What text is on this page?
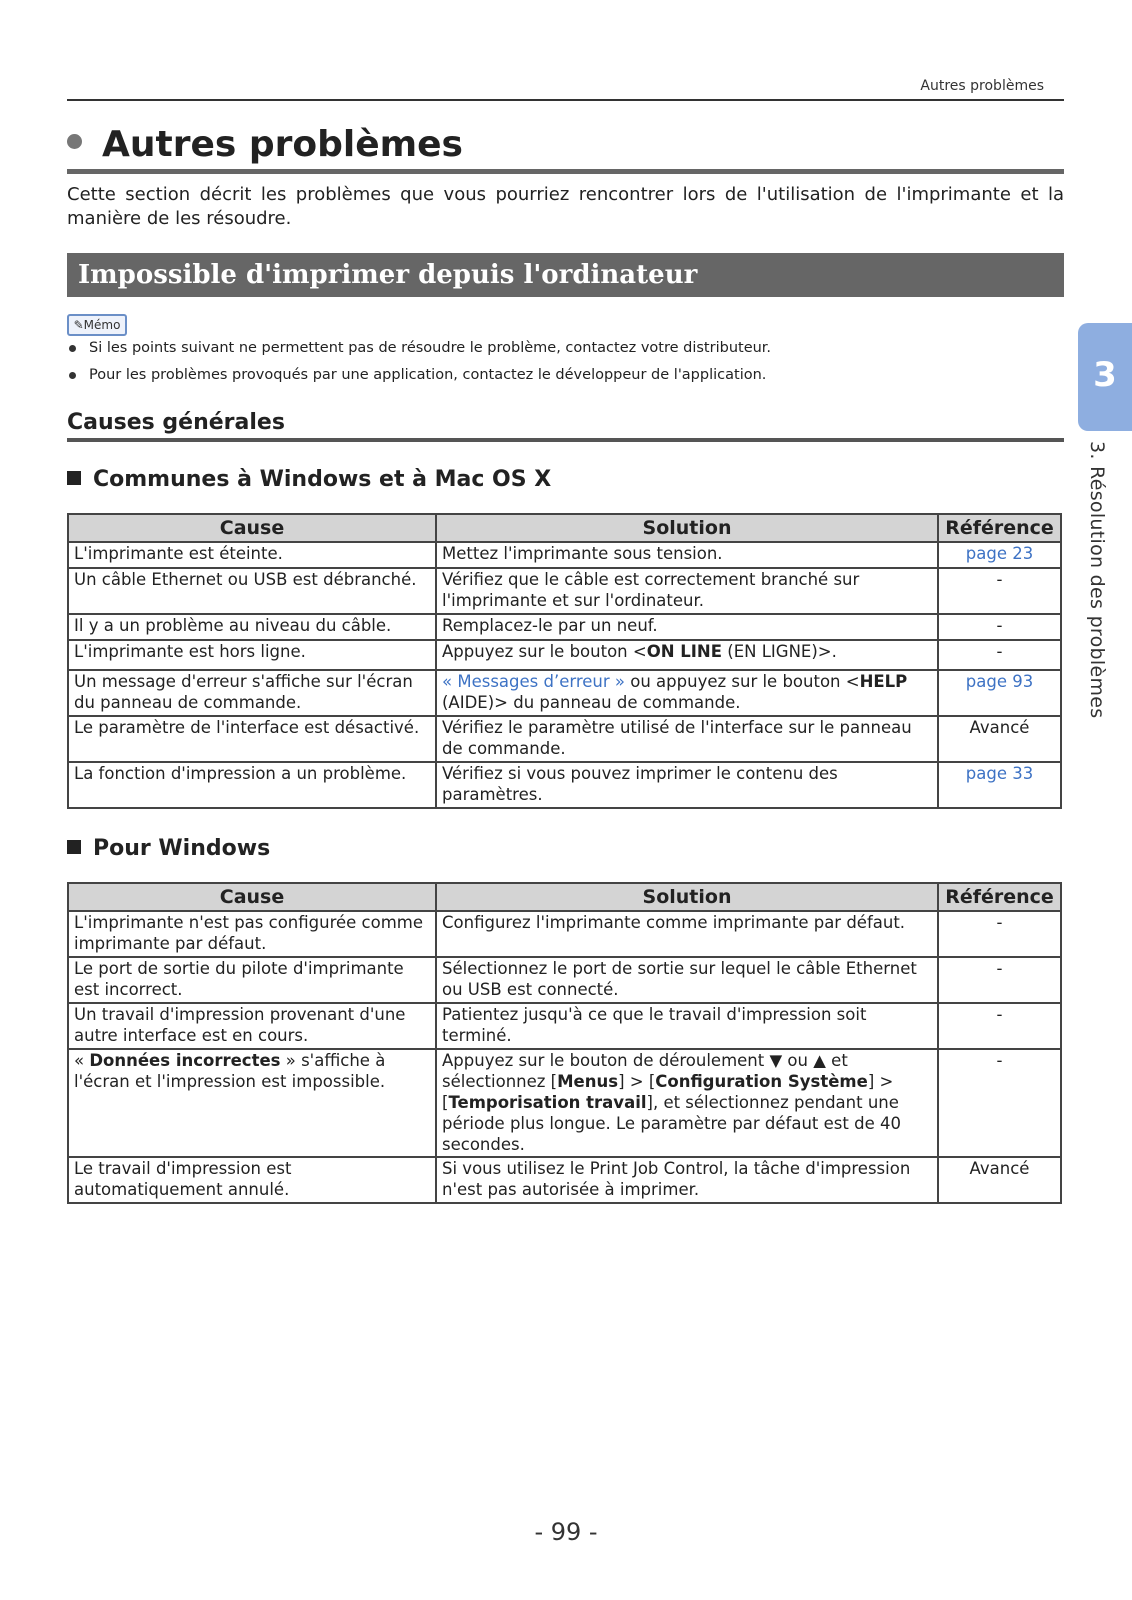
Autres problèmes
Autres problèmes

Cette section décrit les problèmes que vous pourriez rencontrer lors de l'utilisation de l'imprimante et la manière de les résoudre.

Impossible d'imprimer depuis l'ordinateur
✎Mémo
Si les points suivant ne permettent pas de résoudre le problème, contactez votre distributeur.
Pour les problèmes provoqués par une application, contactez le développeur de l'application.
Causes générales
Communes à Windows et à Mac OS X
Cause	Solution	Référence
L'imprimante est éteinte.	Mettez l'imprimante sous tension.	page 23
Un câble Ethernet ou USB est débranché.	Vérifiez que le câble est correctement branché sur l'imprimante et sur l'ordinateur.	-
Il y a un problème au niveau du câble.	Remplacez-le par un neuf.	-
L'imprimante est hors ligne.	Appuyez sur le bouton <ON LINE (EN LIGNE)>.	-
Un message d'erreur s'affiche sur l'écran du panneau de commande.	« Messages d’erreur » ou appuyez sur le bouton <HELP (AIDE)> du panneau de commande.	page 93
Le paramètre de l'interface est désactivé.	Vérifiez le paramètre utilisé de l'interface sur le panneau de commande.	Avancé
La fonction d'impression a un problème.	Vérifiez si vous pouvez imprimer le contenu des paramètres.	page 33
Pour Windows
Cause	Solution	Référence
L'imprimante n'est pas configurée comme imprimante par défaut.	Configurez l'imprimante comme imprimante par défaut.	-
Le port de sortie du pilote d'imprimante est incorrect.	Sélectionnez le port de sortie sur lequel le câble Ethernet ou USB est connecté.	-
Un travail d'impression provenant d'une autre interface est en cours.	Patientez jusqu'à ce que le travail d'impression soit terminé.	-
« Données incorrectes » s'affiche à l'écran et l'impression est impossible.	Appuyez sur le bouton de déroulement ▼ ou ▲ et sélectionnez [Menus] > [Configuration Système] > [Temporisation travail], et sélectionnez pendant une période plus longue. Le paramètre par défaut est de 40 secondes.	-
Le travail d'impression est automatiquement annulé.	Si vous utilisez le Print Job Control, la tâche d'impression n'est pas autorisée à imprimer.	Avancé
3
3. Résolution des problèmes
- 99 -
